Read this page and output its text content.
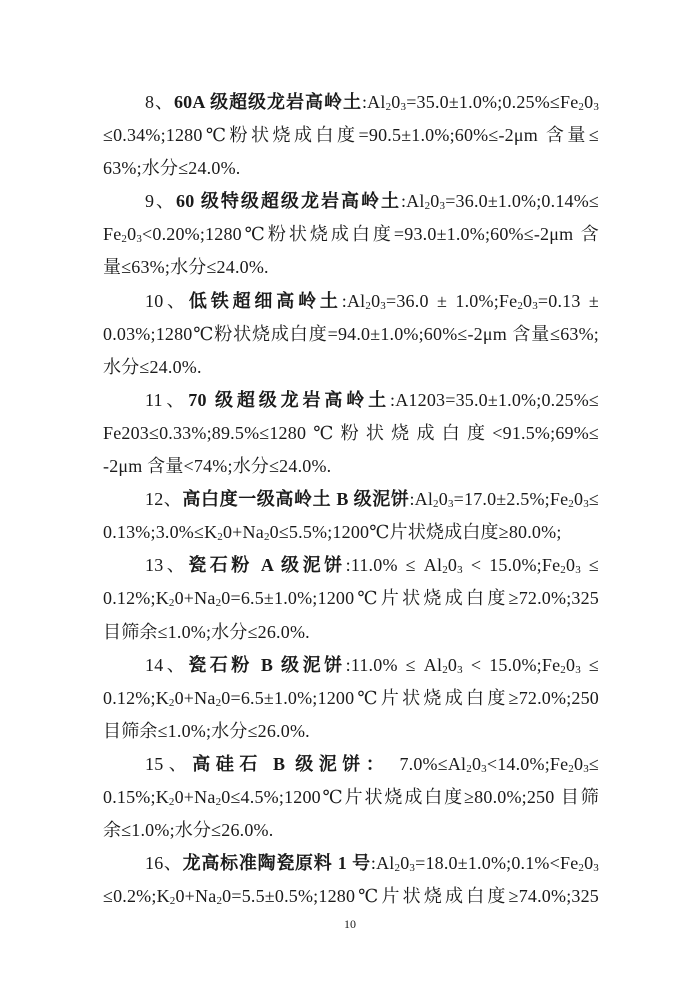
8、60A 级超级龙岩高岭土$:Al_20_3=35.0\pm 1.0\%;0.25\%\le Fe_20_3$
≤0.34%;1280℃粉状烧成白度=90.5±1.0%;60%≤-2μm 含量≤
63%;水分≤24.0%.
9、60 级特级超级龙岩高岭土$:Al_20_3=36.0\pm 1.0\%;0.14\%\le$
$Fe_20_3<0.20\%;1280℃$粉状烧成白度=93.0±1.0%;60%≤-2μm 含
量≤63%;水分≤24.0%.
10、低铁超细高岭土$:Al_20_3=36.0$ ± $1.0\%;Fe_20_3=0.13$ ±
0.03%;1280℃粉状烧成白度=94.0±1.0%;60%≤-2μm 含量≤63%;
水分≤24.0%.
11、70 级超级龙岩高岭土:A1203=35.0±1.0%;0.25%≤
Fe203≤0.33%;89.5%≤1280℃粉状烧成白度<91.5%;69%≤
-2μm 含量<74%;水分≤24.0%.
12、高白度一级高岭土 B 级泥饼$:Al_20_3=17.0\pm 2.5\%;Fe_20_3\le$
$0.13\%;3.0\%\le K_20+Na_20\le 5.5\%;1200℃$片状烧成白度≥80.0%;
13、瓷石粉 A 级泥饼:11.0% ≤ $Al_20_3$ < $15.0\%;Fe_20_3$ ≤
$0.12\%;K_20+Na_20=6.5\pm 1.0\%;1200℃$片状烧成白度≥72.0%;325
目筛余≤1.0%;水分≤26.0%.
14、瓷石粉 B 级泥饼:11.0% ≤ $Al_20_3$ < $15.0\%;Fe_20_3$ ≤
$0.12\%;K_20+Na_20=6.5\pm 1.0\%;1200℃$片状烧成白度≥72.0%;250
目筛余≤1.0%;水分≤26.0%.
15、高硅石 B 级泥饼： $7.0\%\le Al_20_3<14.0\%;Fe_20_3\le$
$0.15\%;K_20+Na_20\le 4.5\%;1200℃$片状烧成白度≥80.0%;250 目筛
余≤1.0%;水分≤26.0%.
16、龙高标准陶瓷原料 1 号$:Al_20_3=18.0\pm 1.0\%;0.1\%<Fe_20_3$
$\le 0.2\%;K_20+Na_20=5.5\pm 0.5\%;1280℃$片状烧成白度≥74.0%;325
10
